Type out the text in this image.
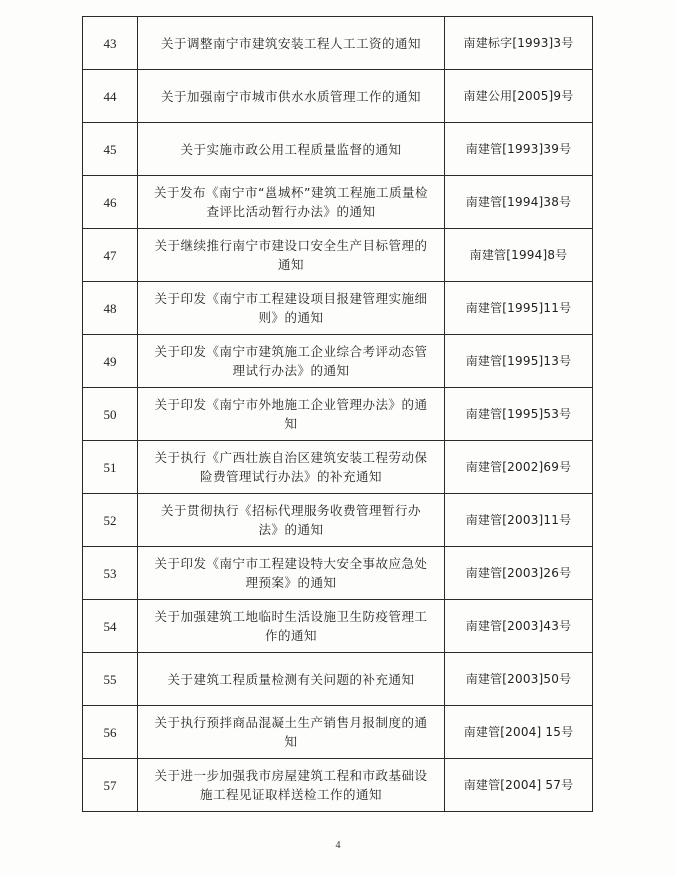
43	关于调整南宁市建筑安装工程人工工资的通知	南建标字[1993]3号
44	关于加强南宁市城市供水水质管理工作的通知	南建公用[2005]9号
45	关于实施市政公用工程质量监督的通知	南建管[1993]39号
46	关于发布《南宁市“邕城杯”建筑工程施工质量检查评比活动暂行办法》的通知	南建管[1994]38号
47	关于继续推行南宁市建设口安全生产目标管理的通知	南建管[1994]8号
48	关于印发《南宁市工程建设项目报建管理实施细则》的通知	南建管[1995]11号
49	关于印发《南宁市建筑施工企业综合考评动态管理试行办法》的通知	南建管[1995]13号
50	关于印发《南宁市外地施工企业管理办法》的通知	南建管[1995]53号
51	关于执行《广西壮族自治区建筑安装工程劳动保险费管理试行办法》的补充通知	南建管[2002]69号
52	关于贯彻执行《招标代理服务收费管理暂行办法》的通知	南建管[2003]11号
53	关于印发《南宁市工程建设特大安全事故应急处理预案》的通知	南建管[2003]26号
54	关于加强建筑工地临时生活设施卫生防疫管理工作的通知	南建管[2003]43号
55	关于建筑工程质量检测有关问题的补充通知	南建管[2003]50号
56	关于执行预拌商品混凝土生产销售月报制度的通知	南建管[2004] 15号
57	关于进一步加强我市房屋建筑工程和市政基础设施工程见证取样送检工作的通知	南建管[2004] 57号
4
